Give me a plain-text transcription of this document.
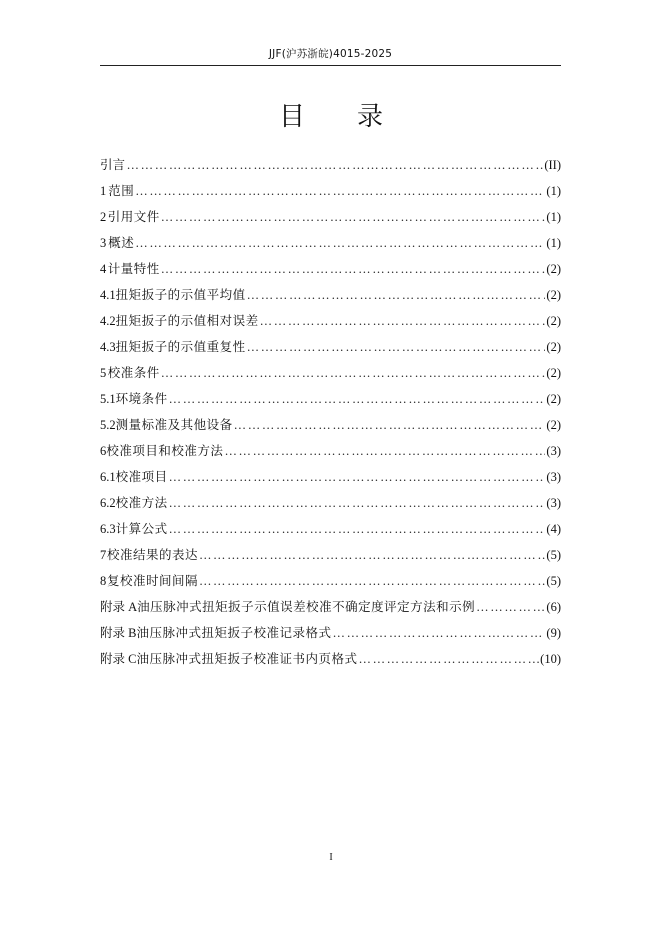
JJF(沪苏浙皖)4015-2025
目 录
引 言 ………………………………………………………………………………………………………………………………………………………………………………………………………………	(II)
1 范围 ………………………………………………………………………………………………………………………………………………………………………………………………………………	(1)
2 引用文件 ………………………………………………………………………………………………………………………………………………………………………………………………………………	(1)
3 概述 ………………………………………………………………………………………………………………………………………………………………………………………………………………	(1)
4 计量特性 ………………………………………………………………………………………………………………………………………………………………………………………………………………	(2)
4.1 扭矩扳子的示值平均值 ………………………………………………………………………………………………………………………………………………………………………………………………………………	(2)
4.2 扭矩扳子的示值相对误差 ………………………………………………………………………………………………………………………………………………………………………………………………………………	(2)
4.3 扭矩扳子的示值重复性 ………………………………………………………………………………………………………………………………………………………………………………………………………………	(2)
5 校准条件 ………………………………………………………………………………………………………………………………………………………………………………………………………………	(2)
5.1 环境条件 ………………………………………………………………………………………………………………………………………………………………………………………………………………	(2)
5.2 测量标准及其他设备 ………………………………………………………………………………………………………………………………………………………………………………………………………………	(2)
6 校准项目和校准方法 ………………………………………………………………………………………………………………………………………………………………………………………………………………	(3)
6.1 校准项目 ………………………………………………………………………………………………………………………………………………………………………………………………………………	(3)
6.2 校准方法 ………………………………………………………………………………………………………………………………………………………………………………………………………………	(3)
6.3 计算公式 ………………………………………………………………………………………………………………………………………………………………………………………………………………	(4)
7 校准结果的表达 ………………………………………………………………………………………………………………………………………………………………………………………………………………	(5)
8 复校准时间间隔 ………………………………………………………………………………………………………………………………………………………………………………………………………………	(5)
附录 A 油压脉冲式扭矩扳子示值误差校准不确定度评定方法和示例 ………………………………………………………………………………………………………………………………………………………………………………………………………………	(6)
附录 B 油压脉冲式扭矩扳子校准记录格式 ………………………………………………………………………………………………………………………………………………………………………………………………………………	(9)
附录 C 油压脉冲式扭矩扳子校准证书内页格式 ………………………………………………………………………………………………………………………………………………………………………………………………………………	(10)
I
